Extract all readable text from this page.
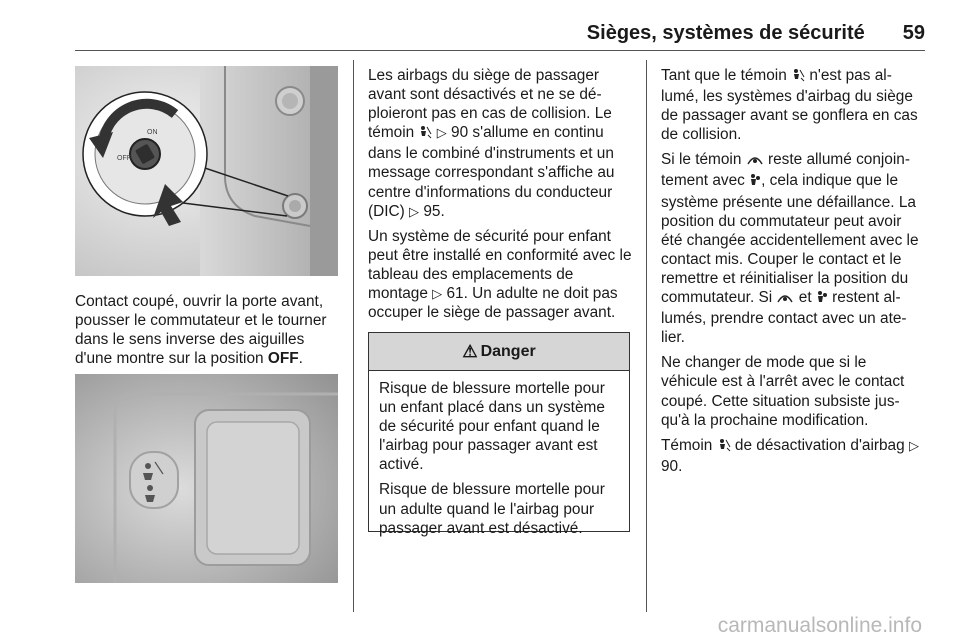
Sièges, systèmes de sécurité 59
ON
OFF

Contact coupé, ouvrir la porte avant, pousser le commutateur et le tourner dans le sens inverse des aiguilles d'une montre sur la position OFF.

Les airbags du siège de passager avant sont désactivés et ne se dé-ploieront pas en cas de collision. Le témoin  ▷ 90 s'allume en continu dans le combiné d'instruments et un message correspondant s'affiche au centre d'informations du conducteur (DIC) ▷ 95.

Un système de sécurité pour enfant peut être installé en conformité avec le tableau des emplacements de montage ▷ 61. Un adulte ne doit pas occuper le siège de passager avant.

⚠ Danger

Risque de blessure mortelle pour un enfant placé dans un système de sécurité pour enfant quand le l'airbag pour passager avant est activé.

Risque de blessure mortelle pour un adulte quand le l'airbag pour passager avant est désactivé.

Tant que le témoin  n'est pas al-lumé, les systèmes d'airbag du siège de passager avant se gonflera en cas de collision.

Si le témoin  reste allumé conjoin-tement avec , cela indique que le système présente une défaillance. La position du commutateur peut avoir été changée accidentellement avec le contact mis. Couper le contact et le remettre et réinitialiser la position du commutateur. Si  et  restent al-lumés, prendre contact avec un ate-lier.

Ne changer de mode que si le véhicule est à l'arrêt avec le contact coupé. Cette situation subsiste jus-qu'à la prochaine modification.

Témoin  de désactivation d'airbag ▷ 90.

carmanualsonline.info
